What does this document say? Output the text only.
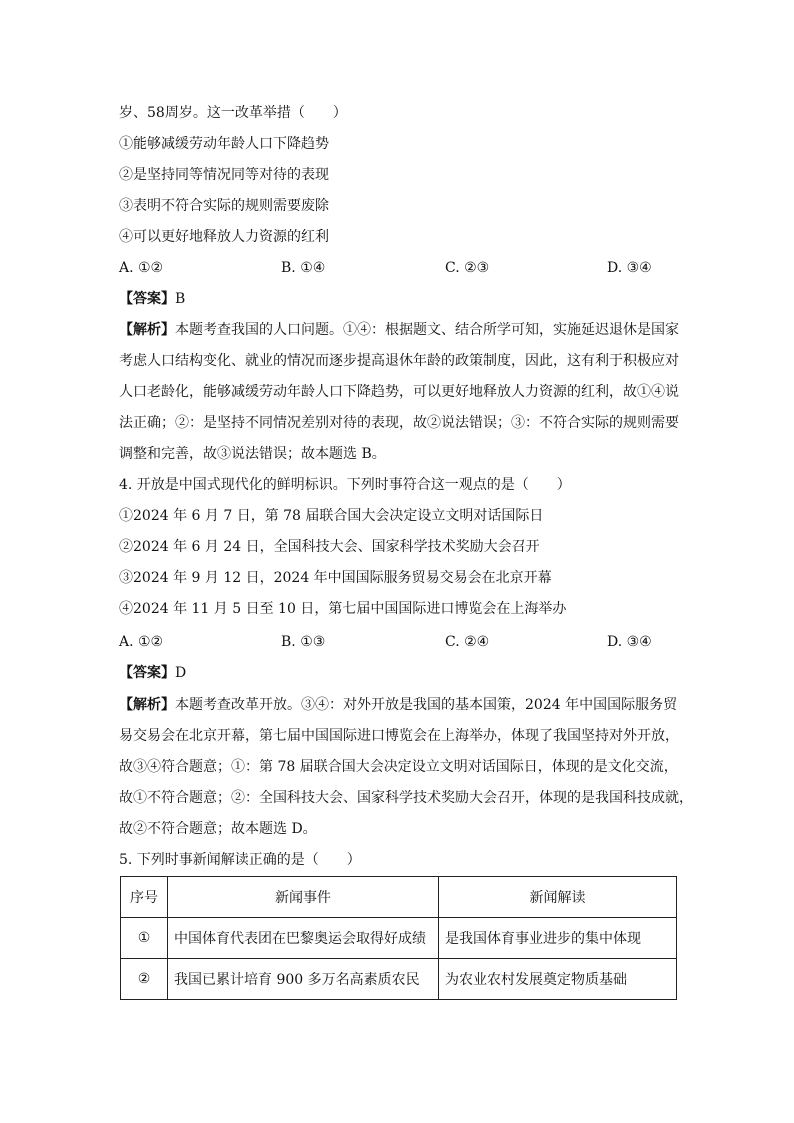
岁、58周岁。这一改革举措（　　）
①能够减缓劳动年龄人口下降趋势
②是坚持同等情况同等对待的表现
③表明不符合实际的规则需要废除
④可以更好地释放人力资源的红利
A. ①②	B. ①④	C. ②③	D. ③④
【答案】B
【解析】本题考查我国的人口问题。①④：根据题文、结合所学可知，实施延迟退休是国家
考虑人口结构变化、就业的情况而逐步提高退休年龄的政策制度，因此，这有利于积极应对
人口老龄化，能够减缓劳动年龄人口下降趋势，可以更好地释放人力资源的红利，故①④说
法正确；②：是坚持不同情况差别对待的表现，故②说法错误；③：不符合实际的规则需要
调整和完善，故③说法错误；故本题选 B。
4. 开放是中国式现代化的鲜明标识。下列时事符合这一观点的是（　　）
①2024 年 6 月 7 日，第 78 届联合国大会决定设立文明对话国际日
②2024 年 6 月 24 日，全国科技大会、国家科学技术奖励大会召开
③2024 年 9 月 12 日，2024 年中国国际服务贸易交易会在北京开幕
④2024 年 11 月 5 日至 10 日，第七届中国国际进口博览会在上海举办
A. ①②	B. ①③	C. ②④	D. ③④
【答案】D
【解析】本题考查改革开放。③④：对外开放是我国的基本国策，2024 年中国国际服务贸
易交易会在北京开幕，第七届中国国际进口博览会在上海举办，体现了我国坚持对外开放，
故③④符合题意；①：第 78 届联合国大会决定设立文明对话国际日，体现的是文化交流，
故①不符合题意；②：全国科技大会、国家科学技术奖励大会召开，体现的是我国科技成就，
故②不符合题意；故本题选 D。
5. 下列时事新闻解读正确的是（　　）
序号	新闻事件	新闻解读
①	中国体育代表团在巴黎奥运会取得好成绩	是我国体育事业进步的集中体现
②	我国已累计培育 900 多万名高素质农民	为农业农村发展奠定物质基础
